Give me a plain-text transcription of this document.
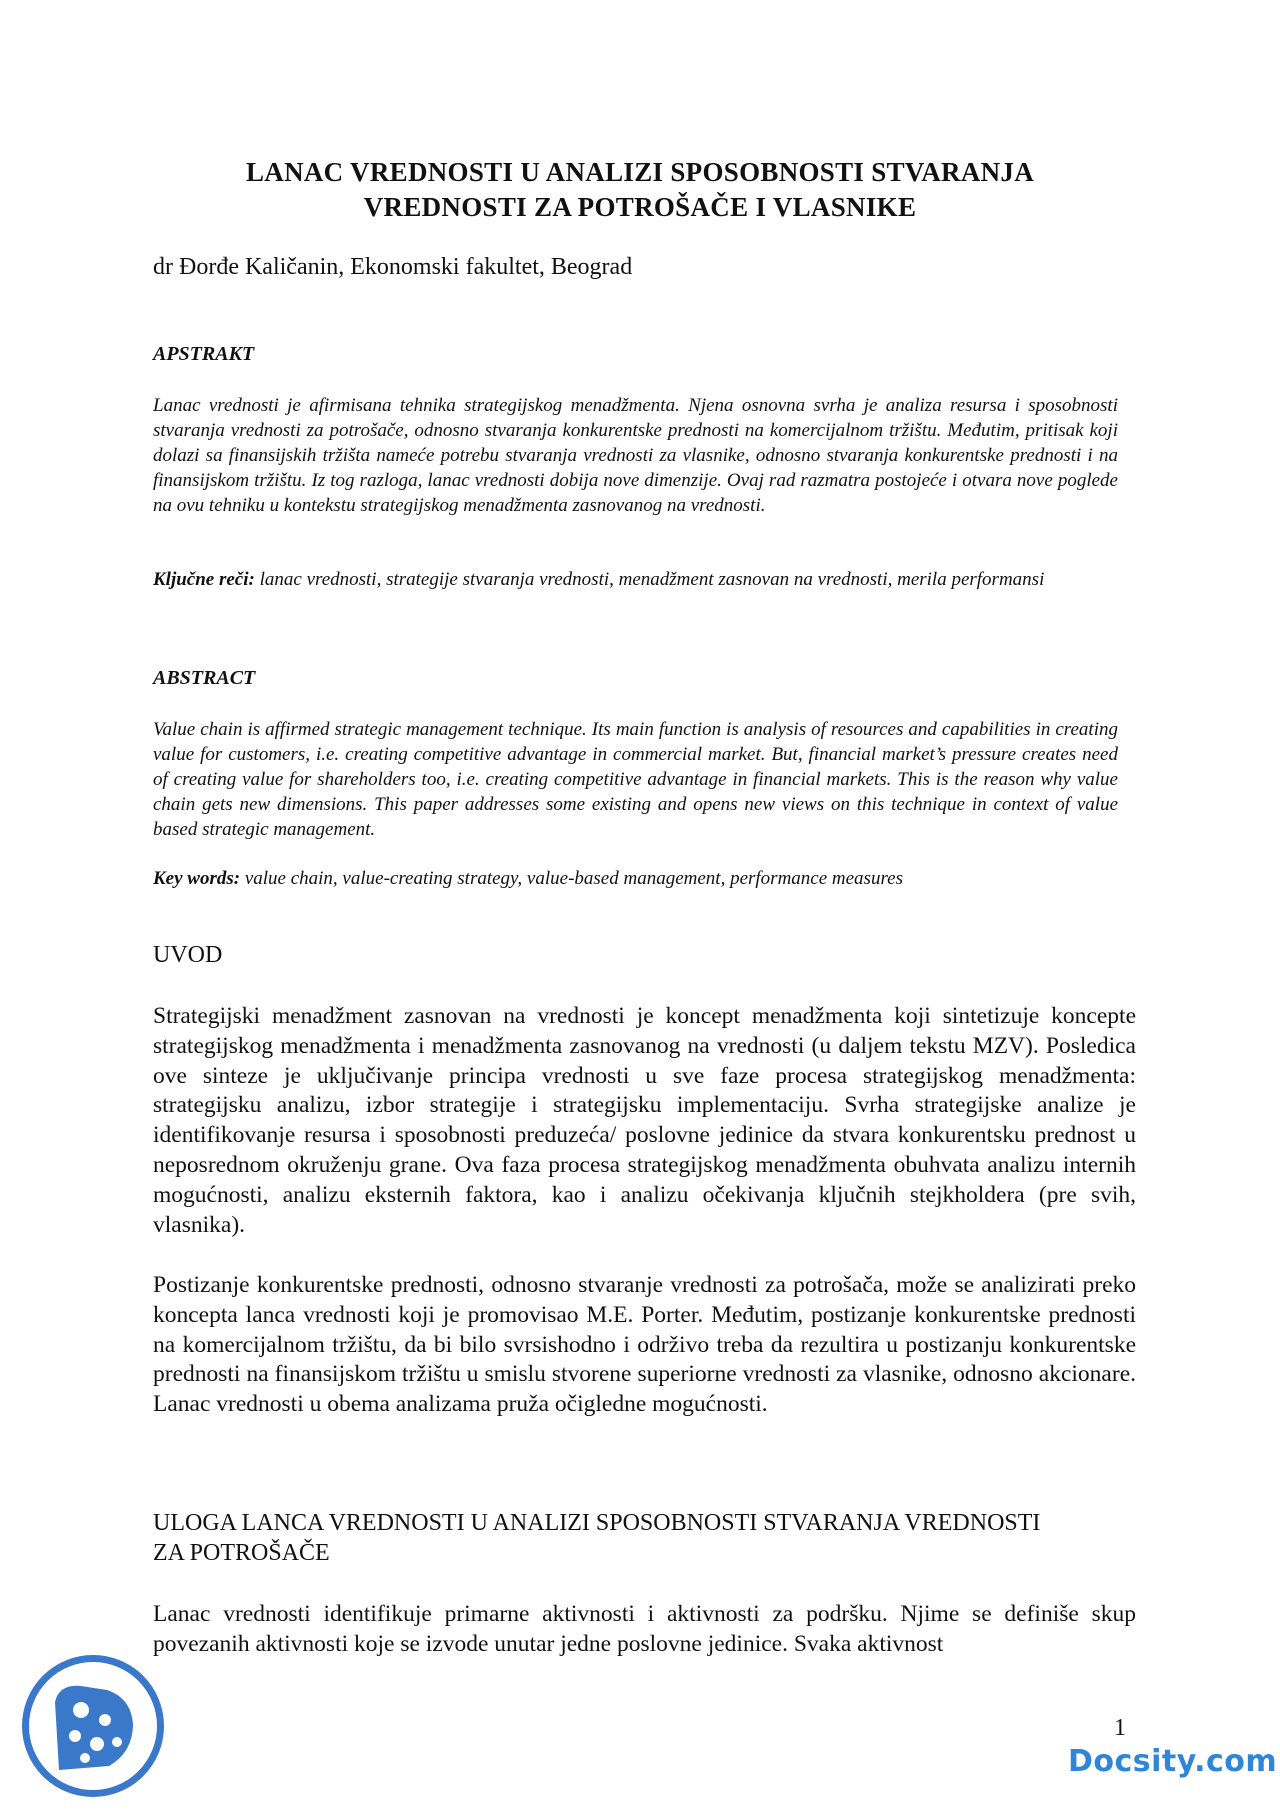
LANAC VREDNOSTI U ANALIZI SPOSOBNOSTI STVARANJA
VREDNOSTI ZA POTROŠAČE I VLASNIKE
dr Đorđe Kaličanin, Ekonomski fakultet, Beograd
APSTRAKT
Lanac vrednosti je afirmisana tehnika strategijskog menadžmenta. Njena osnovna svrha je analiza resursa i sposobnosti stvaranja vrednosti za potrošače, odnosno stvaranja konkurentske prednosti na komercijalnom tržištu. Međutim, pritisak koji dolazi sa finansijskih tržišta nameće potrebu stvaranja vrednosti za vlasnike, odnosno stvaranja konkurentske prednosti i na finansijskom tržištu. Iz tog razloga, lanac vrednosti dobija nove dimenzije. Ovaj rad razmatra postojeće i otvara nove poglede na ovu tehniku u kontekstu strategijskog menadžmenta zasnovanog na vrednosti.
Ključne reči: lanac vrednosti, strategije stvaranja vrednosti, menadžment zasnovan na vrednosti, merila performansi
ABSTRACT
Value chain is affirmed strategic management technique. Its main function is analysis of resources and capabilities in creating value for customers, i.e. creating competitive advantage in commercial market. But, financial market’s pressure creates need of creating value for shareholders too, i.e. creating competitive advantage in financial markets. This is the reason why value chain gets new dimensions. This paper addresses some existing and opens new views on this technique in context of value based strategic management.
Key words: value chain, value-creating strategy, value-based management, performance measures
UVOD
Strategijski menadžment zasnovan na vrednosti je koncept menadžmenta koji sintetizuje koncepte strategijskog menadžmenta i menadžmenta zasnovanog na vrednosti (u daljem tekstu MZV). Posledica ove sinteze je uključivanje principa vrednosti u sve faze procesa strategijskog menadžmenta: strategijsku analizu, izbor strategije i strategijsku implementaciju. Svrha strategijske analize je identifikovanje resursa i sposobnosti preduzeća/ poslovne jedinice da stvara konkurentsku prednost u neposrednom okruženju grane. Ova faza procesa strategijskog menadžmenta obuhvata analizu internih mogućnosti, analizu eksternih faktora, kao i analizu očekivanja ključnih stejkholdera (pre svih, vlasnika).
Postizanje konkurentske prednosti, odnosno stvaranje vrednosti za potrošača, može se analizirati preko koncepta lanca vrednosti koji je promovisao M.E. Porter. Međutim, postizanje konkurentske prednosti na komercijalnom tržištu, da bi bilo svrsishodno i održivo treba da rezultira u postizanju konkurentske prednosti na finansijskom tržištu u smislu stvorene superiorne vrednosti za vlasnike, odnosno akcionare. Lanac vrednosti u obema analizama pruža očigledne mogućnosti.
ULOGA LANCA VREDNOSTI U ANALIZI SPOSOBNOSTI STVARANJA VREDNOSTI
ZA POTROŠAČE
Lanac vrednosti identifikuje primarne aktivnosti i aktivnosti za podršku. Njime se definiše skup povezanih aktivnosti koje se izvode unutar jedne poslovne jedinice. Svaka aktivnost
1
Docsity.com
